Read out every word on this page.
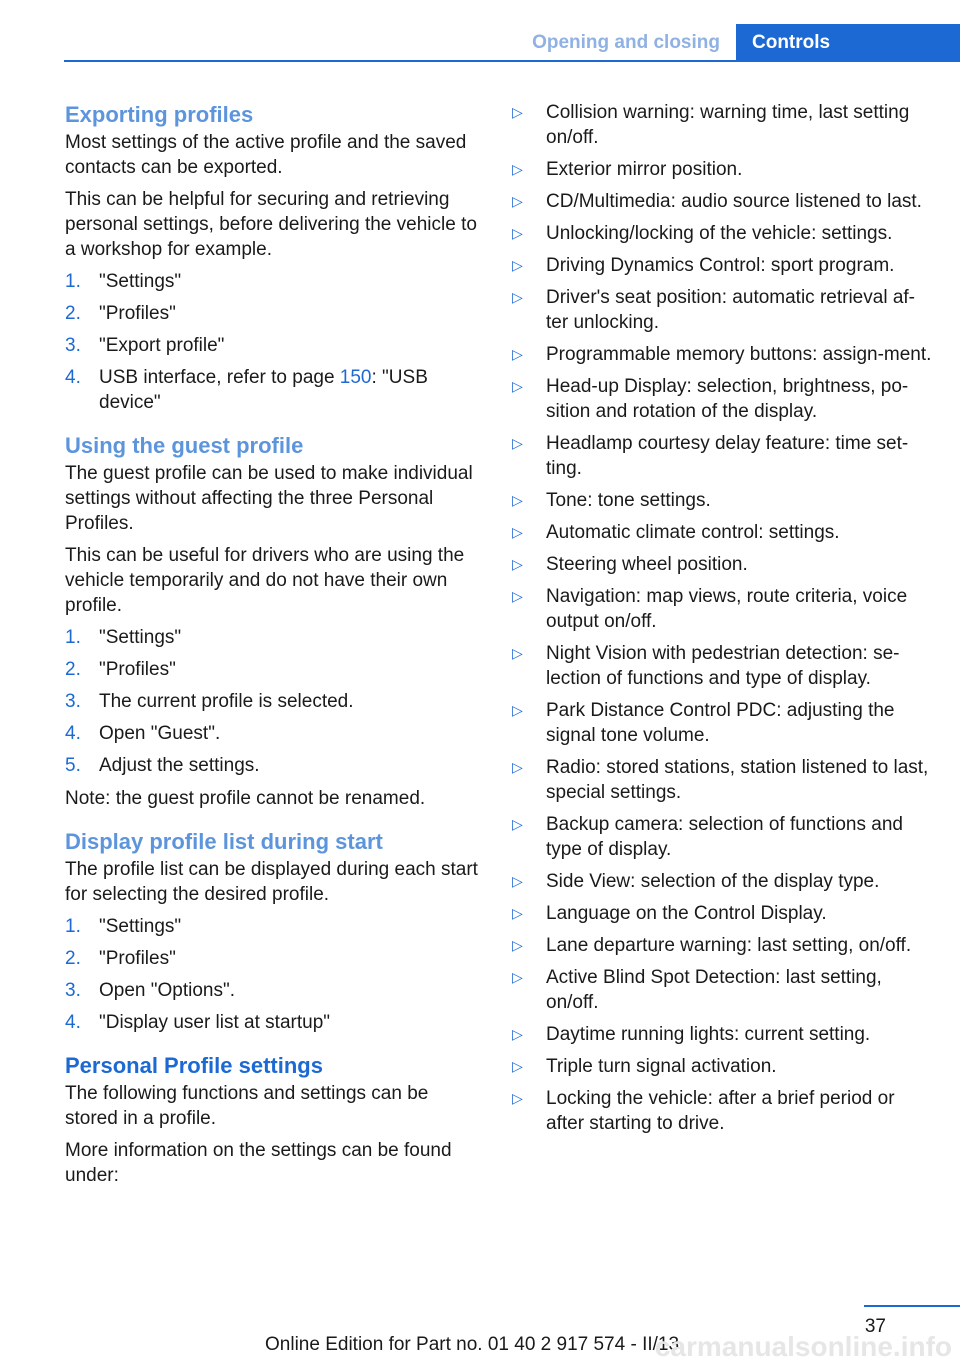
Opening and closing	Controls
Exporting profiles

Most settings of the active profile and the saved contacts can be exported.

This can be helpful for securing and retrieving personal settings, before delivering the vehicle to a workshop for example.

1. "Settings"
2. "Profiles"
3. "Export profile"
4. USB interface, refer to page 150: "USB device"
Using the guest profile

The guest profile can be used to make individual settings without affecting the three Personal Profiles.

This can be useful for drivers who are using the vehicle temporarily and do not have their own profile.

1. "Settings"
2. "Profiles"
3. The current profile is selected.
4. Open "Guest".
5. Adjust the settings.

Note: the guest profile cannot be renamed.

Display profile list during start

The profile list can be displayed during each start for selecting the desired profile.

1. "Settings"
2. "Profiles"
3. Open "Options".
4. "Display user list at startup"
Personal Profile settings

The following functions and settings can be stored in a profile.

More information on the settings can be found under:

▷ Collision warning: warning time, last setting on/off.
▷ Exterior mirror position.
▷ CD/Multimedia: audio source listened to last.
▷ Unlocking/locking of the vehicle: settings.
▷ Driving Dynamics Control: sport program.
▷ Driver's seat position: automatic retrieval af‐ter unlocking.
▷ Programmable memory buttons: assign‐ment.
▷ Head-up Display: selection, brightness, po‐sition and rotation of the display.
▷ Headlamp courtesy delay feature: time set‐ting.
▷ Tone: tone settings.
▷ Automatic climate control: settings.
▷ Steering wheel position.
▷ Navigation: map views, route criteria, voice output on/off.
▷ Night Vision with pedestrian detection: se‐lection of functions and type of display.
▷ Park Distance Control PDC: adjusting the signal tone volume.
▷ Radio: stored stations, station listened to last, special settings.
▷ Backup camera: selection of functions and type of display.
▷ Side View: selection of the display type.
▷ Language on the Control Display.
▷ Lane departure warning: last setting, on/off.
▷ Active Blind Spot Detection: last setting, on/off.
▷ Daytime running lights: current setting.
▷ Triple turn signal activation.
▷ Locking the vehicle: after a brief period or after starting to drive.
37
Online Edition for Part no. 01 40 2 917 574 - II/13
carmanualsonline.info
